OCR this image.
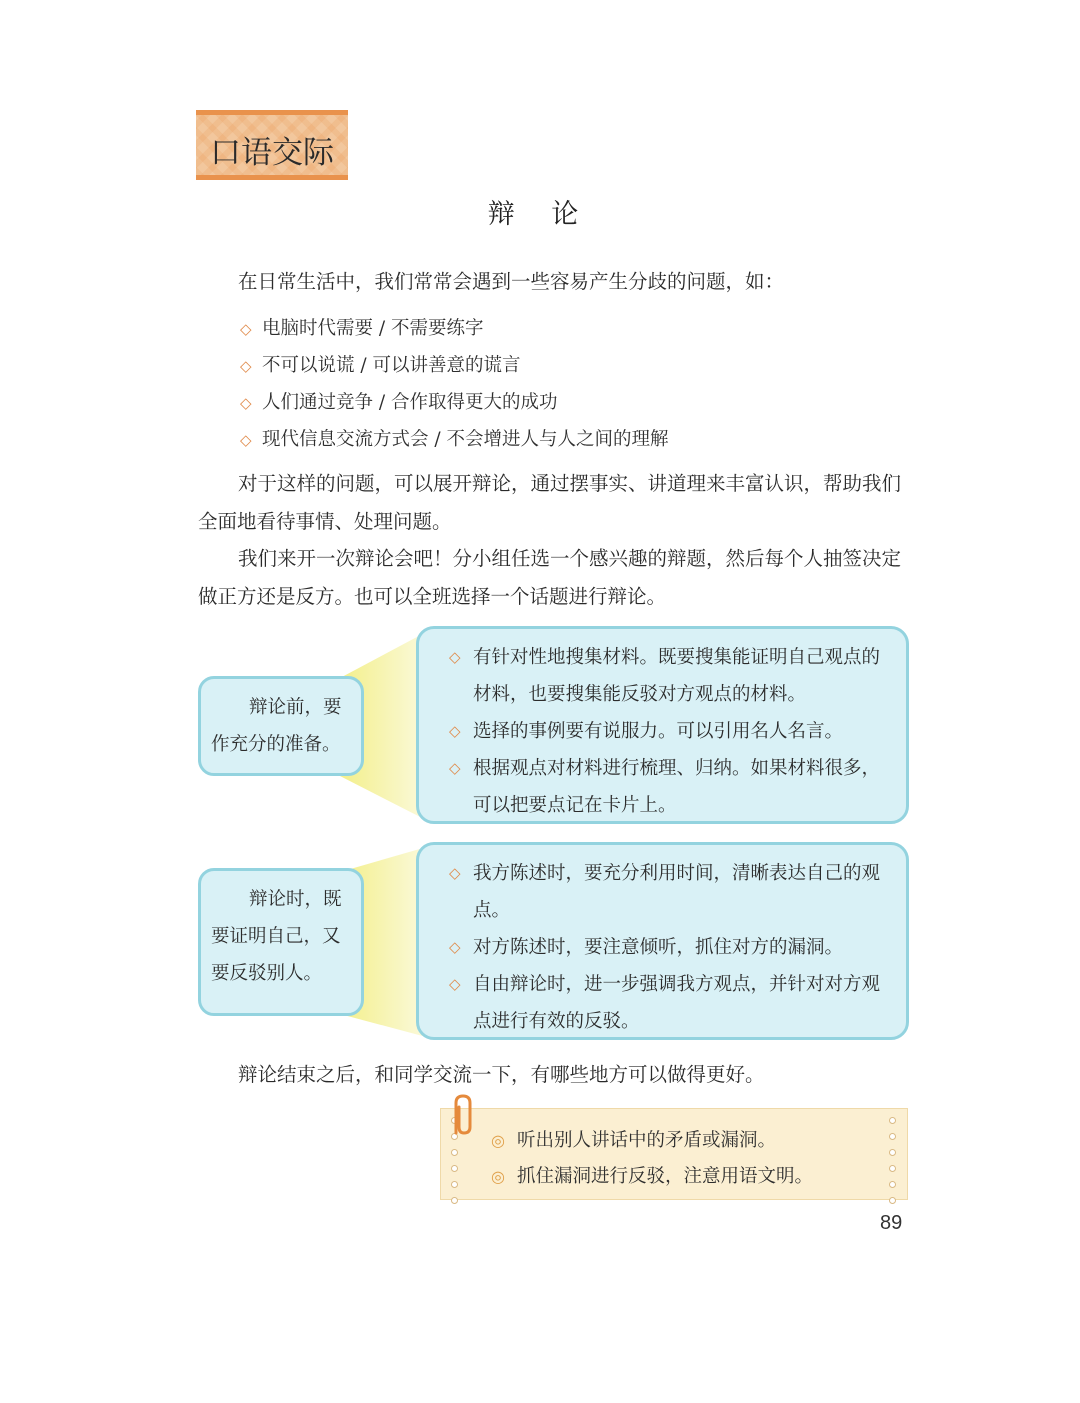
口语交际
辩 论
在日常生活中，我们常常会遇到一些容易产生分歧的问题，如：
◇ 电脑时代需要 / 不需要练字
◇ 不可以说谎 / 可以讲善意的谎言
◇ 人们通过竞争 / 合作取得更大的成功
◇ 现代信息交流方式会 / 不会增进人与人之间的理解
对于这样的问题，可以展开辩论，通过摆事实、讲道理来丰富认识，帮助我们全面地看待事情、处理问题。
我们来开一次辩论会吧！分小组任选一个感兴趣的辩题，然后每个人抽签决定做正方还是反方。也可以全班选择一个话题进行辩论。
辩论前，要作充分的准备。
◇ 有针对性地搜集材料。既要搜集能证明自己观点的材料，也要搜集能反驳对方观点的材料。
◇ 选择的事例要有说服力。可以引用名人名言。
◇ 根据观点对材料进行梳理、归纳。如果材料很多，可以把要点记在卡片上。
辩论时，既要证明自己，又要反驳别人。
◇ 我方陈述时，要充分利用时间，清晰表达自己的观点。
◇ 对方陈述时，要注意倾听，抓住对方的漏洞。
◇ 自由辩论时，进一步强调我方观点，并针对对方观点进行有效的反驳。
辩论结束之后，和同学交流一下，有哪些地方可以做得更好。
◎ 听出别人讲话中的矛盾或漏洞。
◎ 抓住漏洞进行反驳，注意用语文明。
89
